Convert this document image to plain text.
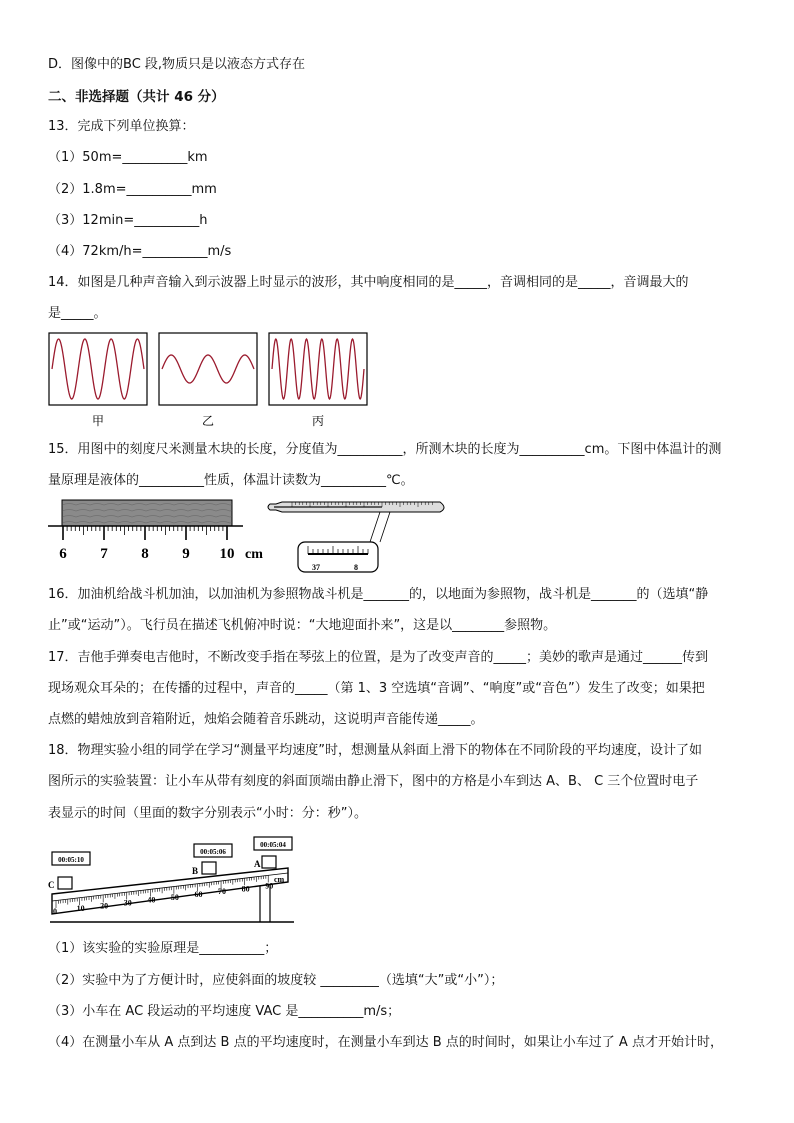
D．图像中的BC 段,物质只是以液态方式存在
二、非选择题（共计 46 分）
13．完成下列单位换算：
（1）50m=__________km
（2）1.8m=__________mm
（3）12min=__________h
（4）72km/h=__________m/s
14．如图是几种声音输入到示波器上时显示的波形，其中响度相同的是_____，音调相同的是_____，音调最大的
是_____。
甲	乙	丙
15．用图中的刻度尺米测量木块的长度，分度值为__________，所测木块的长度为__________cm。下图中体温计的测
量原理是液体的__________性质，体温计读数为__________℃。
6 7 8 9 10 cm
37	8
16．加油机给战斗机加油，以加油机为参照物战斗机是_______的，以地面为参照物，战斗机是_______的（选填“静
止”或“运动”）。飞行员在描述飞机俯冲时说：“大地迎面扑来”，这是以________参照物。
17．吉他手弹奏电吉他时，不断改变手指在琴弦上的位置，是为了改变声音的_____；美妙的歌声是通过______传到
现场观众耳朵的；在传播的过程中，声音的_____（第 1、3 空选填“音调”、“响度”或“音色”）发生了改变；如果把
点燃的蜡烛放到音箱附近，烛焰会随着音乐跳动，这说明声音能传递_____。
18．物理实验小组的同学在学习“测量平均速度”时，想测量从斜面上滑下的物体在不同阶段的平均速度，设计了如
图所示的实验装置：让小车从带有刻度的斜面顶端由静止滑下，图中的方格是小车到达 A、B、 C 三个位置时电子
表显示的时间（里面的数字分别表示“小时：分：秒”）。
00:05:10
00:05:06
00:05:04
C
B
A
0 10 20 30 40 50 60 70 80 90
cm
（1）该实验的实验原理是__________；
（2）实验中为了方便计时，应使斜面的坡度较 _________（选填“大”或“小”）；
（3）小车在 AC 段运动的平均速度 VAC 是__________m/s；
（4）在测量小车从 A 点到达 B 点的平均速度时，在测量小车到达 B 点的时间时，如果让小车过了 A 点才开始计时，
